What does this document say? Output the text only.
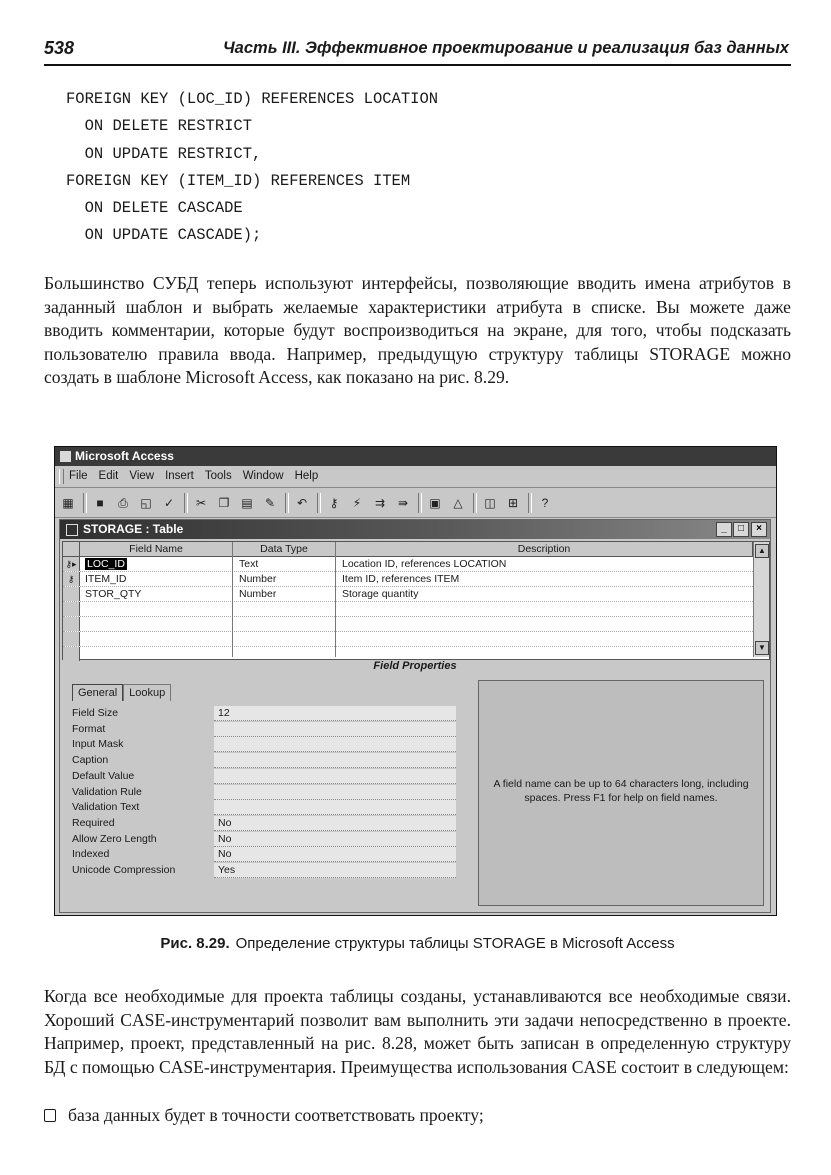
538	Часть III. Эффективное проектирование и реализация баз данных
FOREIGN KEY (LOC_ID) REFERENCES LOCATION
ON DELETE RESTRICT
ON UPDATE RESTRICT,
FOREIGN KEY (ITEM_ID) REFERENCES ITEM
ON DELETE CASCADE
ON UPDATE CASCADE);
Большинство СУБД теперь используют интерфейсы, позволяющие вводить имена атрибутов в заданный шаблон и выбрать желаемые характеристики атрибута в списке. Вы можете даже вводить комментарии, которые будут воспроизводиться на экране, для того, чтобы подсказать пользователю правила ввода. Например, предыдущую структуру таблицы STORAGE можно создать в шаблоне Microsoft Access, как показано на рис. 8.29.
Microsoft Access
File Edit View Insert Tools Window Help
▦	■	⎙	◱	✓	✂	❐ ▤	✎	↶	⚷	⚡	⇉	⇛	▣	△	◫	⊞	?
STORAGE : Table	_	□	×
Field Name	Data Type	Description
⚷▸ LOC_ID	Text	Location ID, references LOCATION
⚷	ITEM_ID	Number	Item ID, references ITEM
STOR_QTY	Number	Storage quantity
▲
▼
Field Properties
General Lookup
Field Size	12
Format
Input Mask
Caption
Default Value
Validation Rule
Validation Text
Required	No
Allow Zero Length	No
Indexed	No
Unicode Compression	Yes
A field name can be up to 64 characters long, including spaces. Press F1 for help on field names.
Рис. 8.29. Определение структуры таблицы STORAGE в Microsoft Access
Когда все необходимые для проекта таблицы созданы, устанавливаются все необходимые связи. Хороший CASE-инструментарий позволит вам выполнить эти задачи непосредственно в проекте. Например, проект, представленный на рис. 8.28, может быть записан в определенную структуру БД с помощью CASE-инструментария. Преимущества использования CASE состоит в следующем:
база данных будет в точности соответствовать проекту;
